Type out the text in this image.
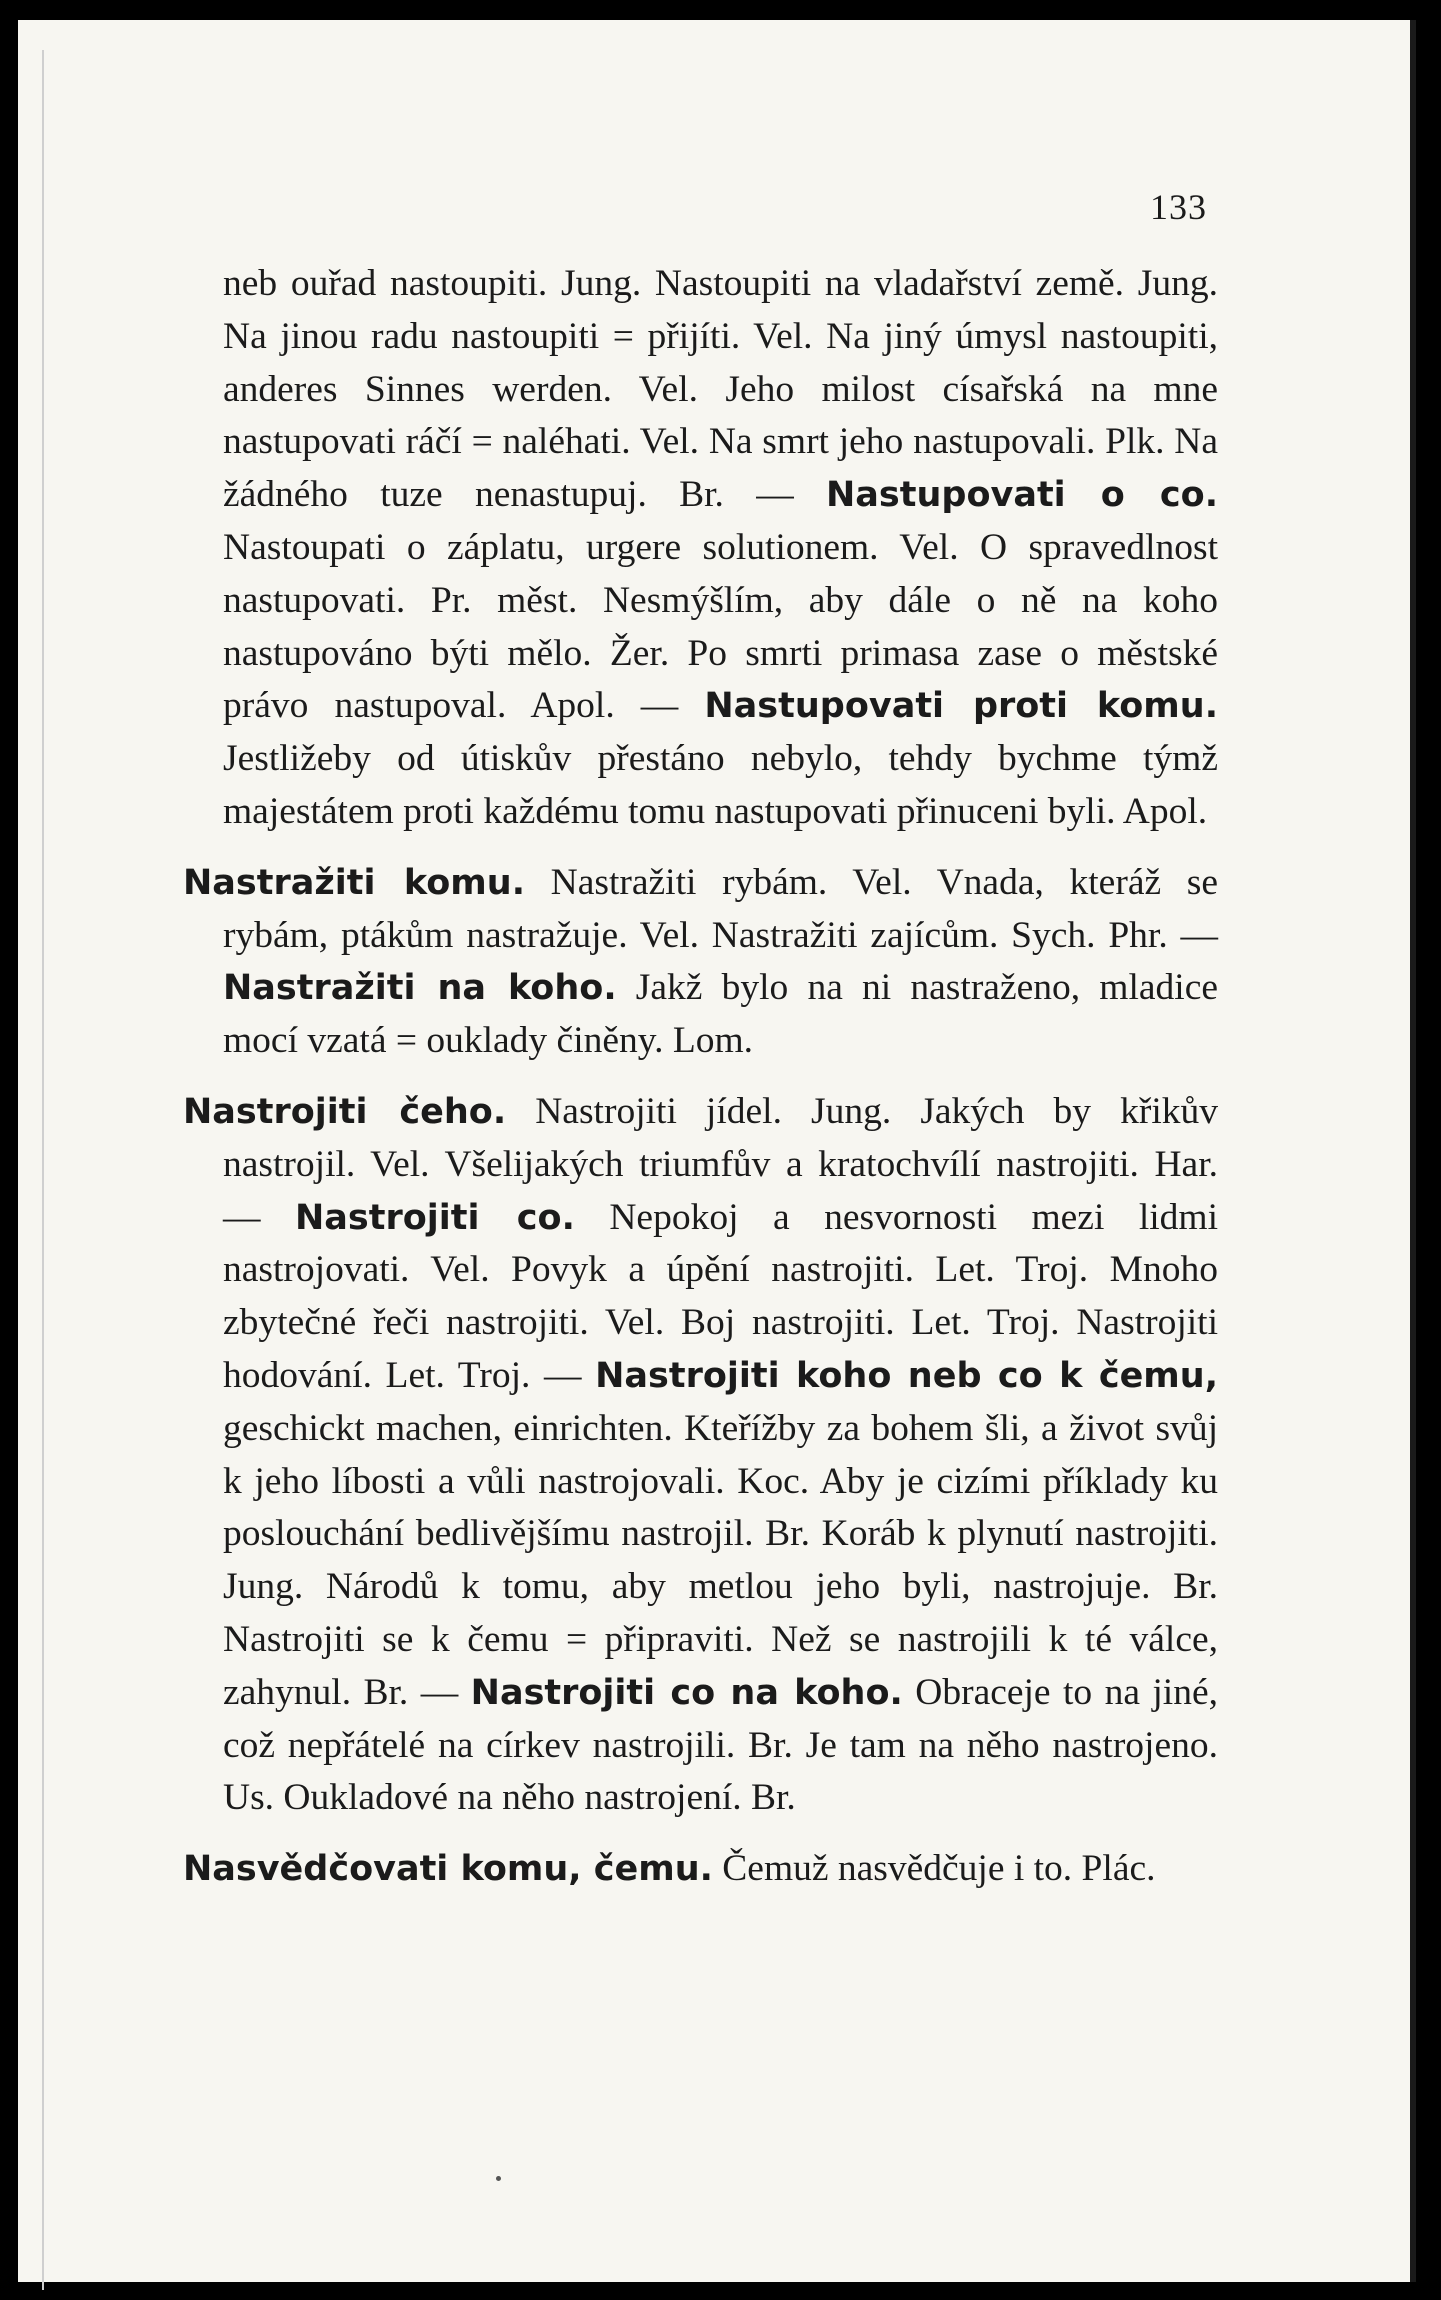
133

neb ouřad nastoupiti. Jung. Nastoupiti na vladařství země. Jung. Na jinou radu nastoupiti = přijíti. Vel. Na jiný úmysl nastoupiti, anderes Sinnes werden. Vel. Jeho milost císařská na mne nastupovati ráčí = naléhati. Vel. Na smrt jeho nastupovali. Plk. Na žádného tuze nenastupuj. Br. — Nastupovati o co. Nastoupati o záplatu, urgere solutionem. Vel. O spravedlnost nastupovati. Pr. měst. Nesmýšlím, aby dále o ně na koho nastupováno býti mělo. Žer. Po smrti primasa zase o městské právo nastupoval. Apol. — Nastupovati proti komu. Jestližeby od útiskův přestáno nebylo, tehdy bychme týmž majestátem proti každému tomu nastupovati přinuceni byli. Apol.

Nastražiti komu. Nastražiti rybám. Vel. Vnada, kteráž se rybám, ptákům nastražuje. Vel. Nastražiti zajícům. Sych. Phr. — Nastražiti na koho. Jakž bylo na ni nastraženo, mladice mocí vzatá = ouklady činěny. Lom.

Nastrojiti čeho. Nastrojiti jídel. Jung. Jakých by křikův nastrojil. Vel. Všelijakých triumfův a kratochvílí nastrojiti. Har. — Nastrojiti co. Nepokoj a nesvornosti mezi lidmi nastrojovati. Vel. Povyk a úpění nastrojiti. Let. Troj. Mnoho zbytečné řeči nastrojiti. Vel. Boj nastrojiti. Let. Troj. Nastrojiti hodování. Let. Troj. — Nastrojiti koho neb co k čemu, geschickt machen, einrichten. Kteřížby za bohem šli, a život svůj k jeho líbosti a vůli nastrojovali. Koc. Aby je cizími příklady ku poslouchání bedlivějšímu nastrojil. Br. Koráb k plynutí nastrojiti. Jung. Národů k tomu, aby metlou jeho byli, nastrojuje. Br. Nastrojiti se k čemu = připraviti. Než se nastrojili k té válce, zahynul. Br. — Nastrojiti co na koho. Obraceje to na jiné, což nepřátelé na církev nastrojili. Br. Je tam na něho nastrojeno. Us. Oukladové na něho nastrojení. Br.

Nasvědčovati komu, čemu. Čemuž nasvědčuje i to. Plác.
